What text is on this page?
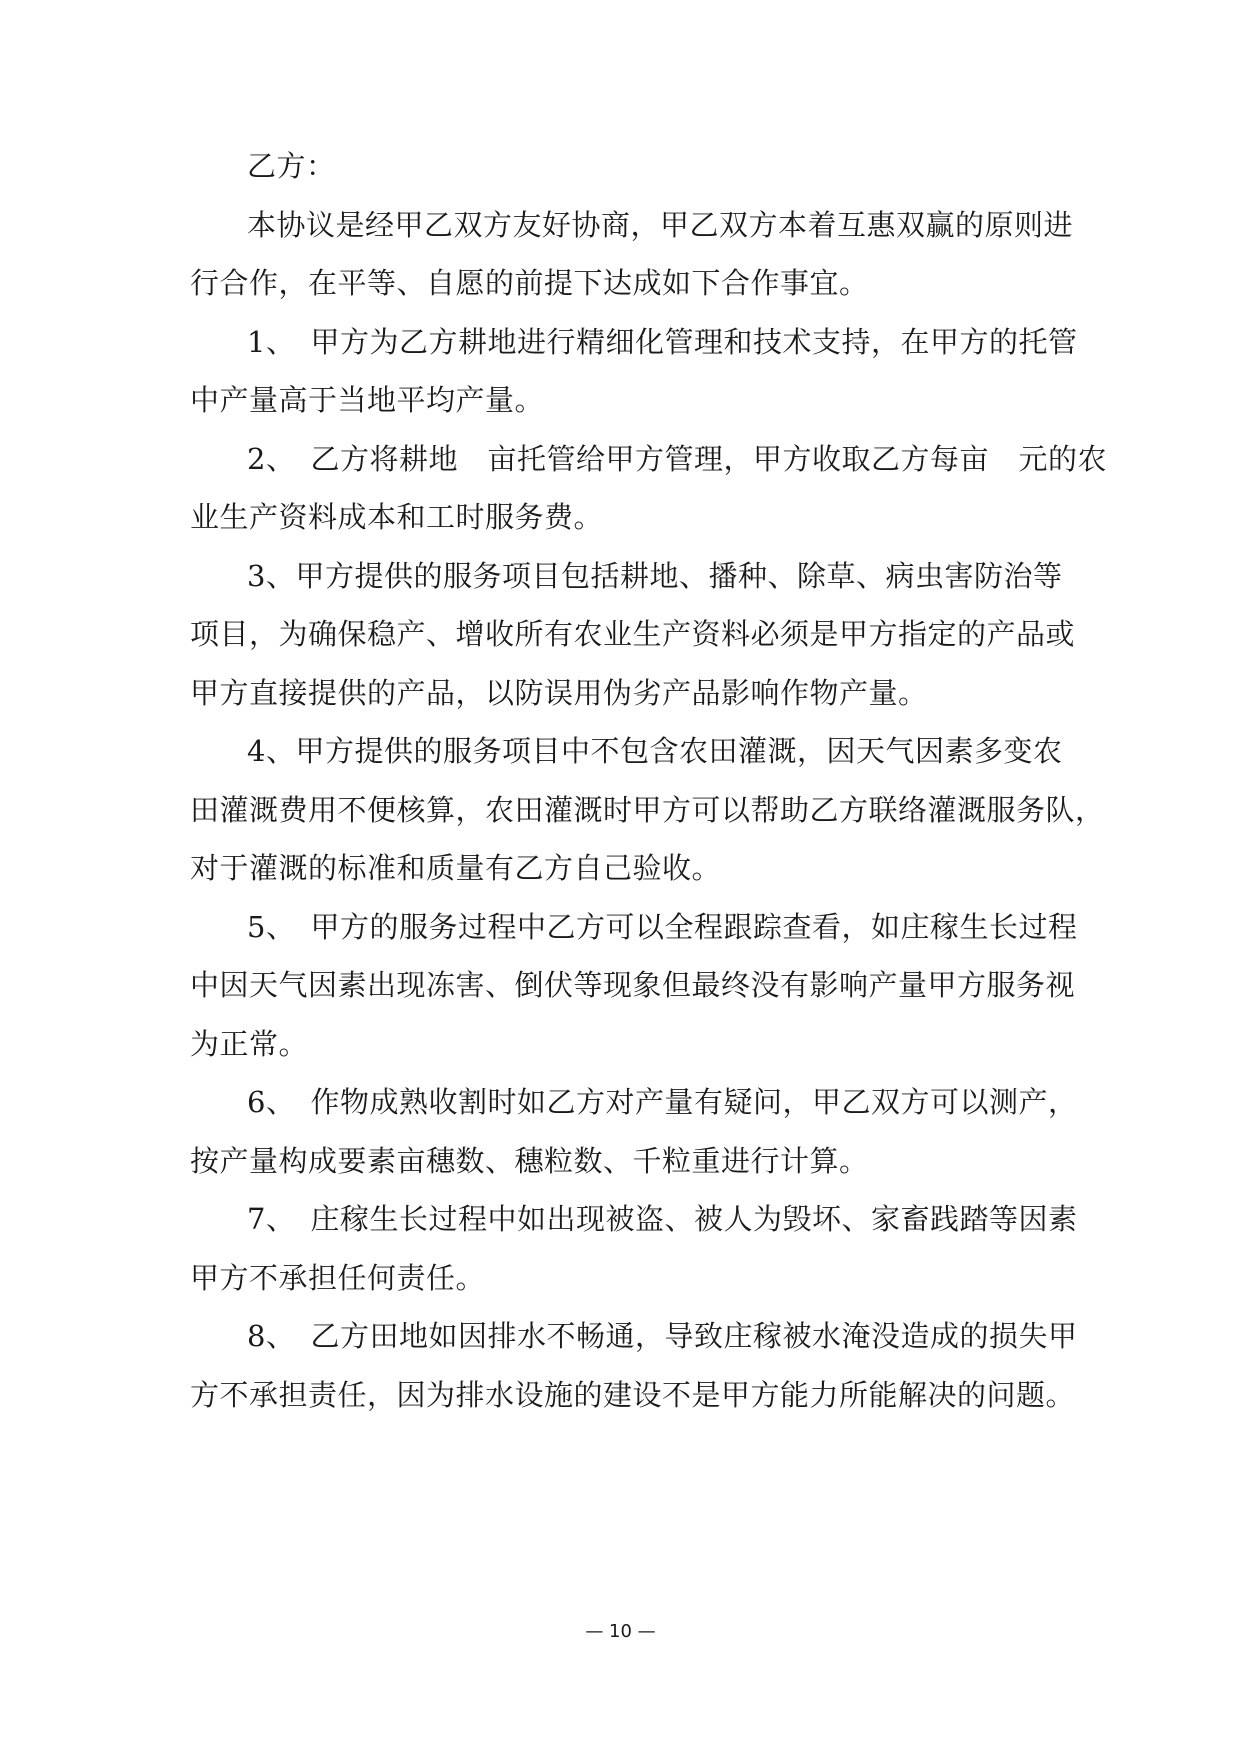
乙方：
本协议是经甲乙双方友好协商，甲乙双方本着互惠双赢的原则进
行合作，在平等、自愿的前提下达成如下合作事宜。
1、　甲方为乙方耕地进行精细化管理和技术支持，在甲方的托管
中产量高于当地平均产量。
2、　乙方将耕地　亩托管给甲方管理，甲方收取乙方每亩　元的农
业生产资料成本和工时服务费。
3、甲方提供的服务项目包括耕地、播种、除草、病虫害防治等
项目，为确保稳产、增收所有农业生产资料必须是甲方指定的产品或
甲方直接提供的产品，以防误用伪劣产品影响作物产量。
4、甲方提供的服务项目中不包含农田灌溉，因天气因素多变农
田灌溉费用不便核算，农田灌溉时甲方可以帮助乙方联络灌溉服务队，
对于灌溉的标准和质量有乙方自己验收。
5、　甲方的服务过程中乙方可以全程跟踪查看，如庄稼生长过程
中因天气因素出现冻害、倒伏等现象但最终没有影响产量甲方服务视
为正常。
6、　作物成熟收割时如乙方对产量有疑问，甲乙双方可以测产，
按产量构成要素亩穗数、穗粒数、千粒重进行计算。
7、　庄稼生长过程中如出现被盗、被人为毁坏、家畜践踏等因素
甲方不承担任何责任。
8、　乙方田地如因排水不畅通，导致庄稼被水淹没造成的损失甲
方不承担责任，因为排水设施的建设不是甲方能力所能解决的问题。
— 10 —
